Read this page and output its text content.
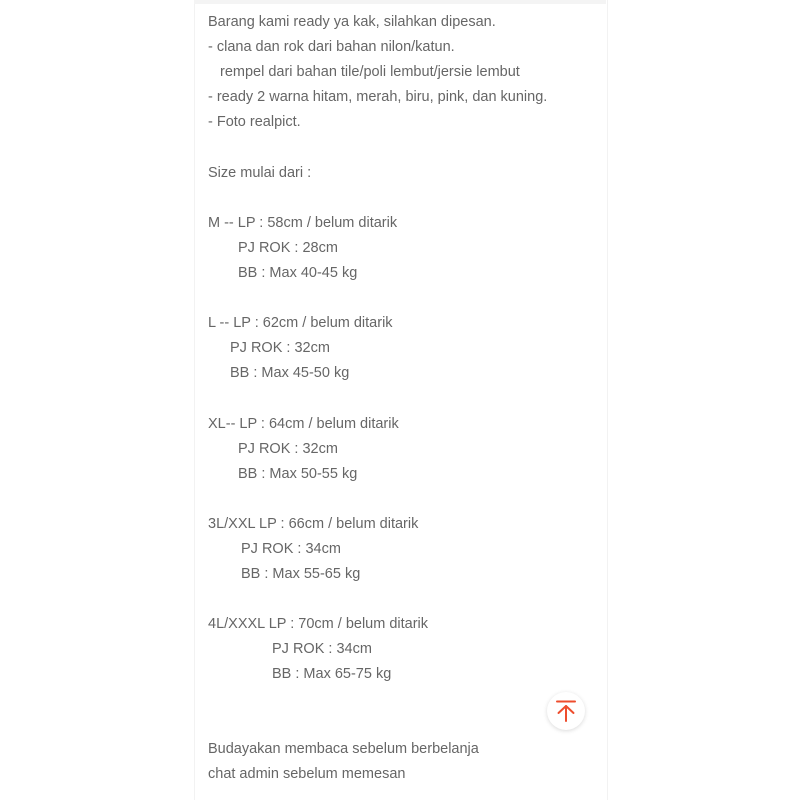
Barang kami ready ya kak, silahkan dipesan.
- clana dan rok dari bahan nilon/katun.
rempel dari bahan tile/poli lembut/jersie lembut
- ready 2 warna hitam, merah, biru, pink, dan kuning.
- Foto realpict.
Size mulai dari :
M -- LP : 58cm / belum ditarik
PJ ROK : 28cm
BB : Max 40-45 kg
L -- LP : 62cm / belum ditarik
PJ ROK : 32cm
BB : Max 45-50 kg
XL-- LP : 64cm / belum ditarik
PJ ROK : 32cm
BB : Max 50-55 kg
3L/XXL LP : 66cm / belum ditarik
PJ ROK : 34cm
BB : Max 55-65 kg
4L/XXXL LP : 70cm / belum ditarik
PJ ROK : 34cm
BB : Max 65-75 kg
Budayakan membaca sebelum berbelanja
chat admin sebelum memesan
